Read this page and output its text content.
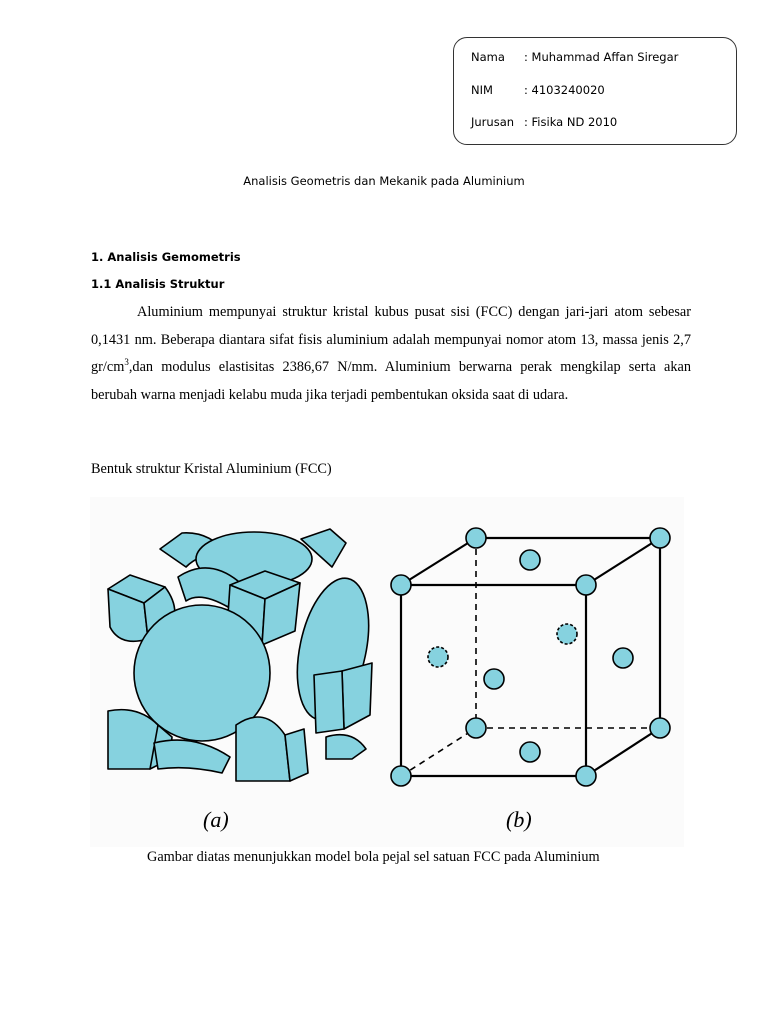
Nama : Muhammad Affan Siregar
NIM	: 4103240020
Jurusan : Fisika ND 2010
Analisis Geometris dan Mekanik pada Aluminium
1. Analisis Gemometris
1.1 Analisis Struktur

Aluminium mempunyai struktur kristal kubus pusat sisi (FCC) dengan jari-jari atom sebesar 0,1431 nm. Beberapa diantara sifat fisis aluminium adalah mempunyai nomor atom 13, massa jenis 2,7 $gr/cm^3,dan$ modulus elastisitas 2386,67 N/mm. Aluminium berwarna perak mengkilap serta akan berubah warna menjadi kelabu muda jika terjadi pembentukan oksida saat di udara.

Bentuk struktur Kristal Aluminium (FCC)
(a)	(b)
Gambar diatas menunjukkan model bola pejal sel satuan FCC pada Aluminium
